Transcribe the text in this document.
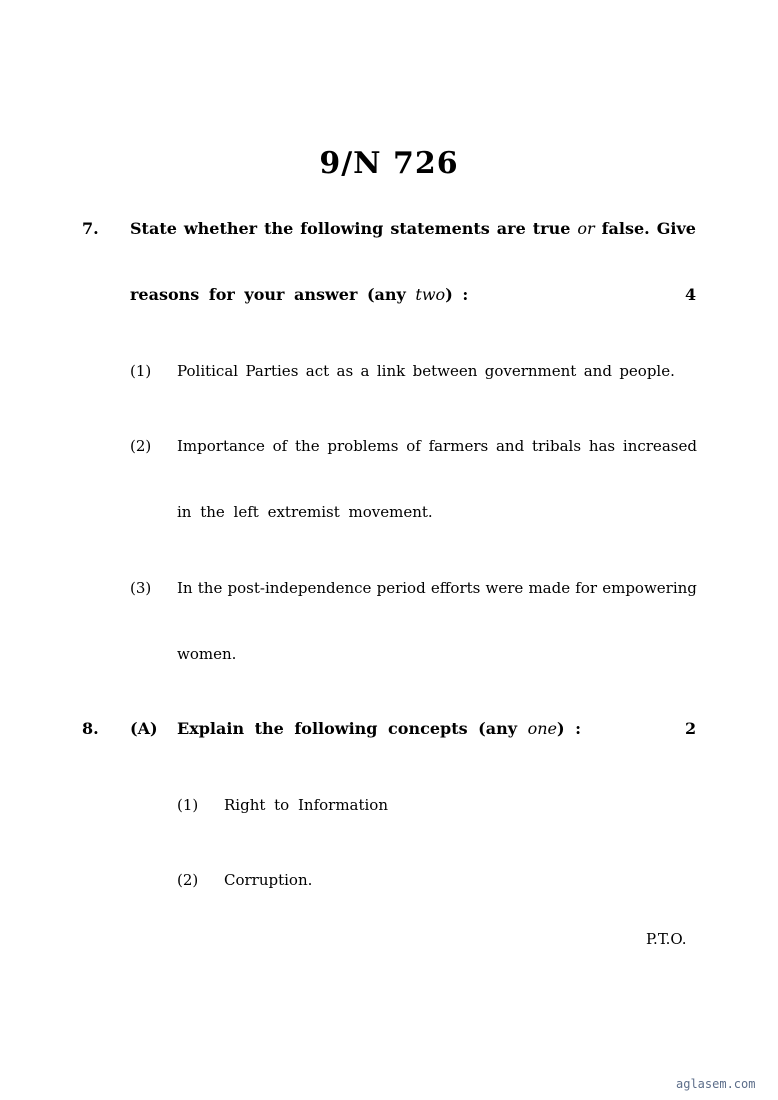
9/N 726
7. State whether the following statements are true or false. Give
reasons for your answer (any two) :	4
(1) Political Parties act as a link between government and people.
(2) Importance of the problems of farmers and tribals has increased
in the left extremist movement.
(3) In the post-independence period efforts were made for empowering
women.
8. (A) Explain the following concepts (any one) :	2
(1) Right to Information
(2) Corruption.
P.T.O.
aglasem.com
